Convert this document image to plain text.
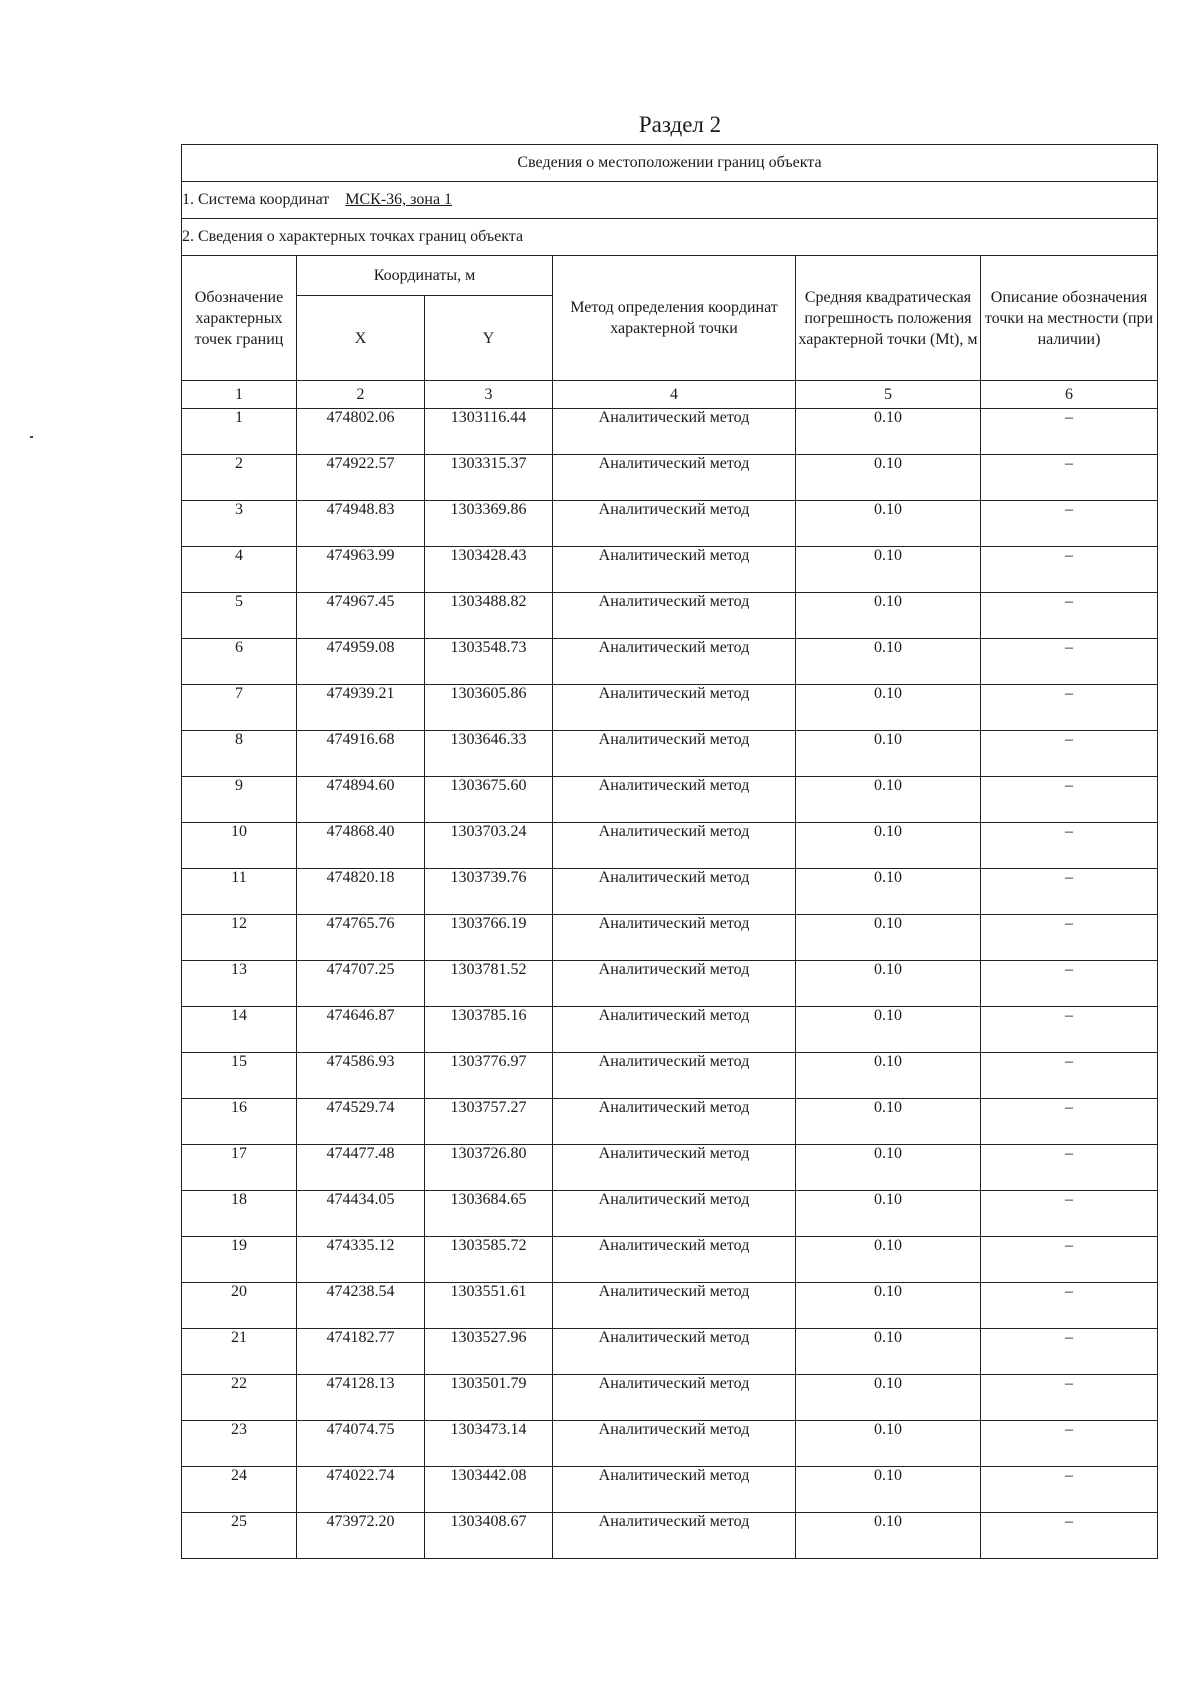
Раздел 2
Сведения о местоположении границ объекта					
1. Система координат МСК-36, зона 1					
2. Сведения о характерных точках границ объекта					
Обозначение характерных точек границ	Координаты, м		Метод определения координат характерной точки	Средняя квадратическая погрешность положения характерной точки (Mt), м	Описание обозначения точки на местности (при наличии)
	X	Y			
1	2	3	4	5	6
1	474802.06	1303116.44	Аналитический метод	0.10	–
2	474922.57	1303315.37	Аналитический метод	0.10	–
3	474948.83	1303369.86	Аналитический метод	0.10	–
4	474963.99	1303428.43	Аналитический метод	0.10	–
5	474967.45	1303488.82	Аналитический метод	0.10	–
6	474959.08	1303548.73	Аналитический метод	0.10	–
7	474939.21	1303605.86	Аналитический метод	0.10	–
8	474916.68	1303646.33	Аналитический метод	0.10	–
9	474894.60	1303675.60	Аналитический метод	0.10	–
10	474868.40	1303703.24	Аналитический метод	0.10	–
11	474820.18	1303739.76	Аналитический метод	0.10	–
12	474765.76	1303766.19	Аналитический метод	0.10	–
13	474707.25	1303781.52	Аналитический метод	0.10	–
14	474646.87	1303785.16	Аналитический метод	0.10	–
15	474586.93	1303776.97	Аналитический метод	0.10	–
16	474529.74	1303757.27	Аналитический метод	0.10	–
17	474477.48	1303726.80	Аналитический метод	0.10	–
18	474434.05	1303684.65	Аналитический метод	0.10	–
19	474335.12	1303585.72	Аналитический метод	0.10	–
20	474238.54	1303551.61	Аналитический метод	0.10	–
21	474182.77	1303527.96	Аналитический метод	0.10	–
22	474128.13	1303501.79	Аналитический метод	0.10	–
23	474074.75	1303473.14	Аналитический метод	0.10	–
24	474022.74	1303442.08	Аналитический метод	0.10	–
25	473972.20	1303408.67	Аналитический метод	0.10	–
